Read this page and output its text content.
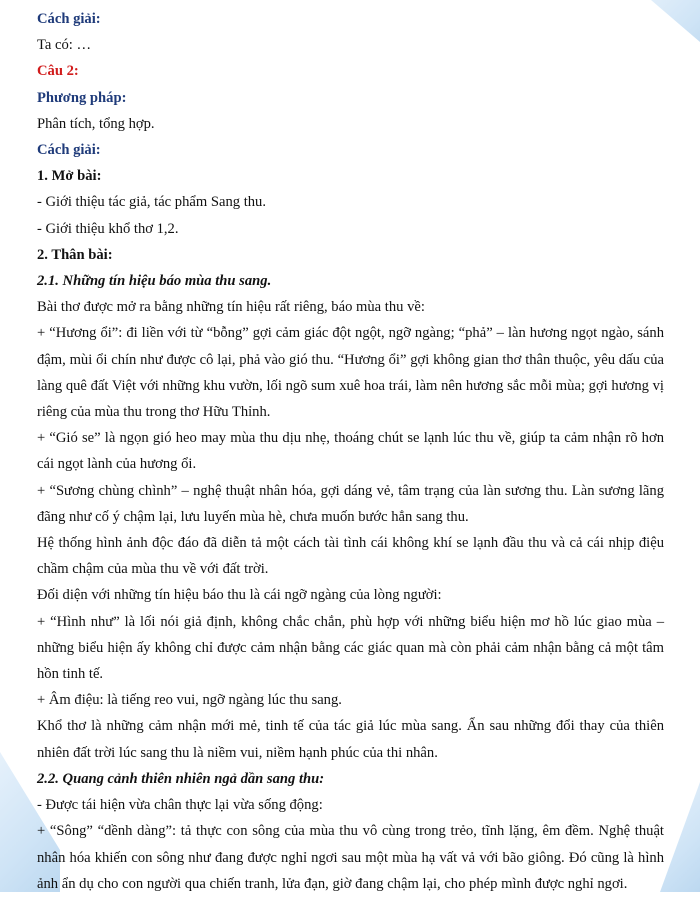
Cách giải:

Ta có: …

Câu 2:

Phương pháp:

Phân tích, tổng hợp.

Cách giải:

1. Mở bài:

- Giới thiệu tác giả, tác phẩm Sang thu.

- Giới thiệu khổ thơ 1,2.

2. Thân bài:

2.1. Những tín hiệu báo mùa thu sang.

Bài thơ được mở ra bằng những tín hiệu rất riêng, báo mùa thu về:

+ “Hương ổi”: đi liền với từ “bỗng” gợi cảm giác đột ngột, ngỡ ngàng; “phả” – làn hương ngọt ngào, sánh đậm, mùi ổi chín như được cô lại, phả vào gió thu. “Hương ổi” gợi không gian thơ thân thuộc, yêu dấu của làng quê đất Việt với những khu vườn, lối ngõ sum xuê hoa trái, làm nên hương sắc mỗi mùa; gợi hương vị riêng của mùa thu trong thơ Hữu Thỉnh.

+ “Gió se” là ngọn gió heo may mùa thu dịu nhẹ, thoáng chút se lạnh lúc thu về, giúp ta cảm nhận rõ hơn cái ngọt lành của hương ổi.

+ “Sương chùng chình” – nghệ thuật nhân hóa, gợi dáng vẻ, tâm trạng của làn sương thu. Làn sương lãng đãng như cố ý chậm lại, lưu luyến mùa hè, chưa muốn bước hẳn sang thu.

Hệ thống hình ảnh độc đáo đã diễn tả một cách tài tình cái không khí se lạnh đầu thu và cả cái nhịp điệu chầm chậm của mùa thu về với đất trời.

Đối diện với những tín hiệu báo thu là cái ngỡ ngàng của lòng người:

+ “Hình như” là lối nói giả định, không chắc chắn, phù hợp với những biểu hiện mơ hồ lúc giao mùa – những biểu hiện ấy không chỉ được cảm nhận bằng các giác quan mà còn phải cảm nhận bằng cả một tâm hồn tinh tế.

+ Âm điệu: là tiếng reo vui, ngỡ ngàng lúc thu sang.

Khổ thơ là những cảm nhận mới mẻ, tinh tế của tác giả lúc mùa sang. Ẩn sau những đổi thay của thiên nhiên đất trời lúc sang thu là niềm vui, niềm hạnh phúc của thi nhân.

2.2. Quang cảnh thiên nhiên ngả dần sang thu:

- Được tái hiện vừa chân thực lại vừa sống động:

+ “Sông” “dềnh dàng”: tả thực con sông của mùa thu vô cùng trong trẻo, tĩnh lặng, êm đềm. Nghệ thuật nhân hóa khiến con sông như đang được nghỉ ngơi sau một mùa hạ vất vả với bão giông. Đó cũng là hình ảnh ẩn dụ cho con người qua chiến tranh, lửa đạn, giờ đang chậm lại, cho phép mình được nghỉ ngơi.
